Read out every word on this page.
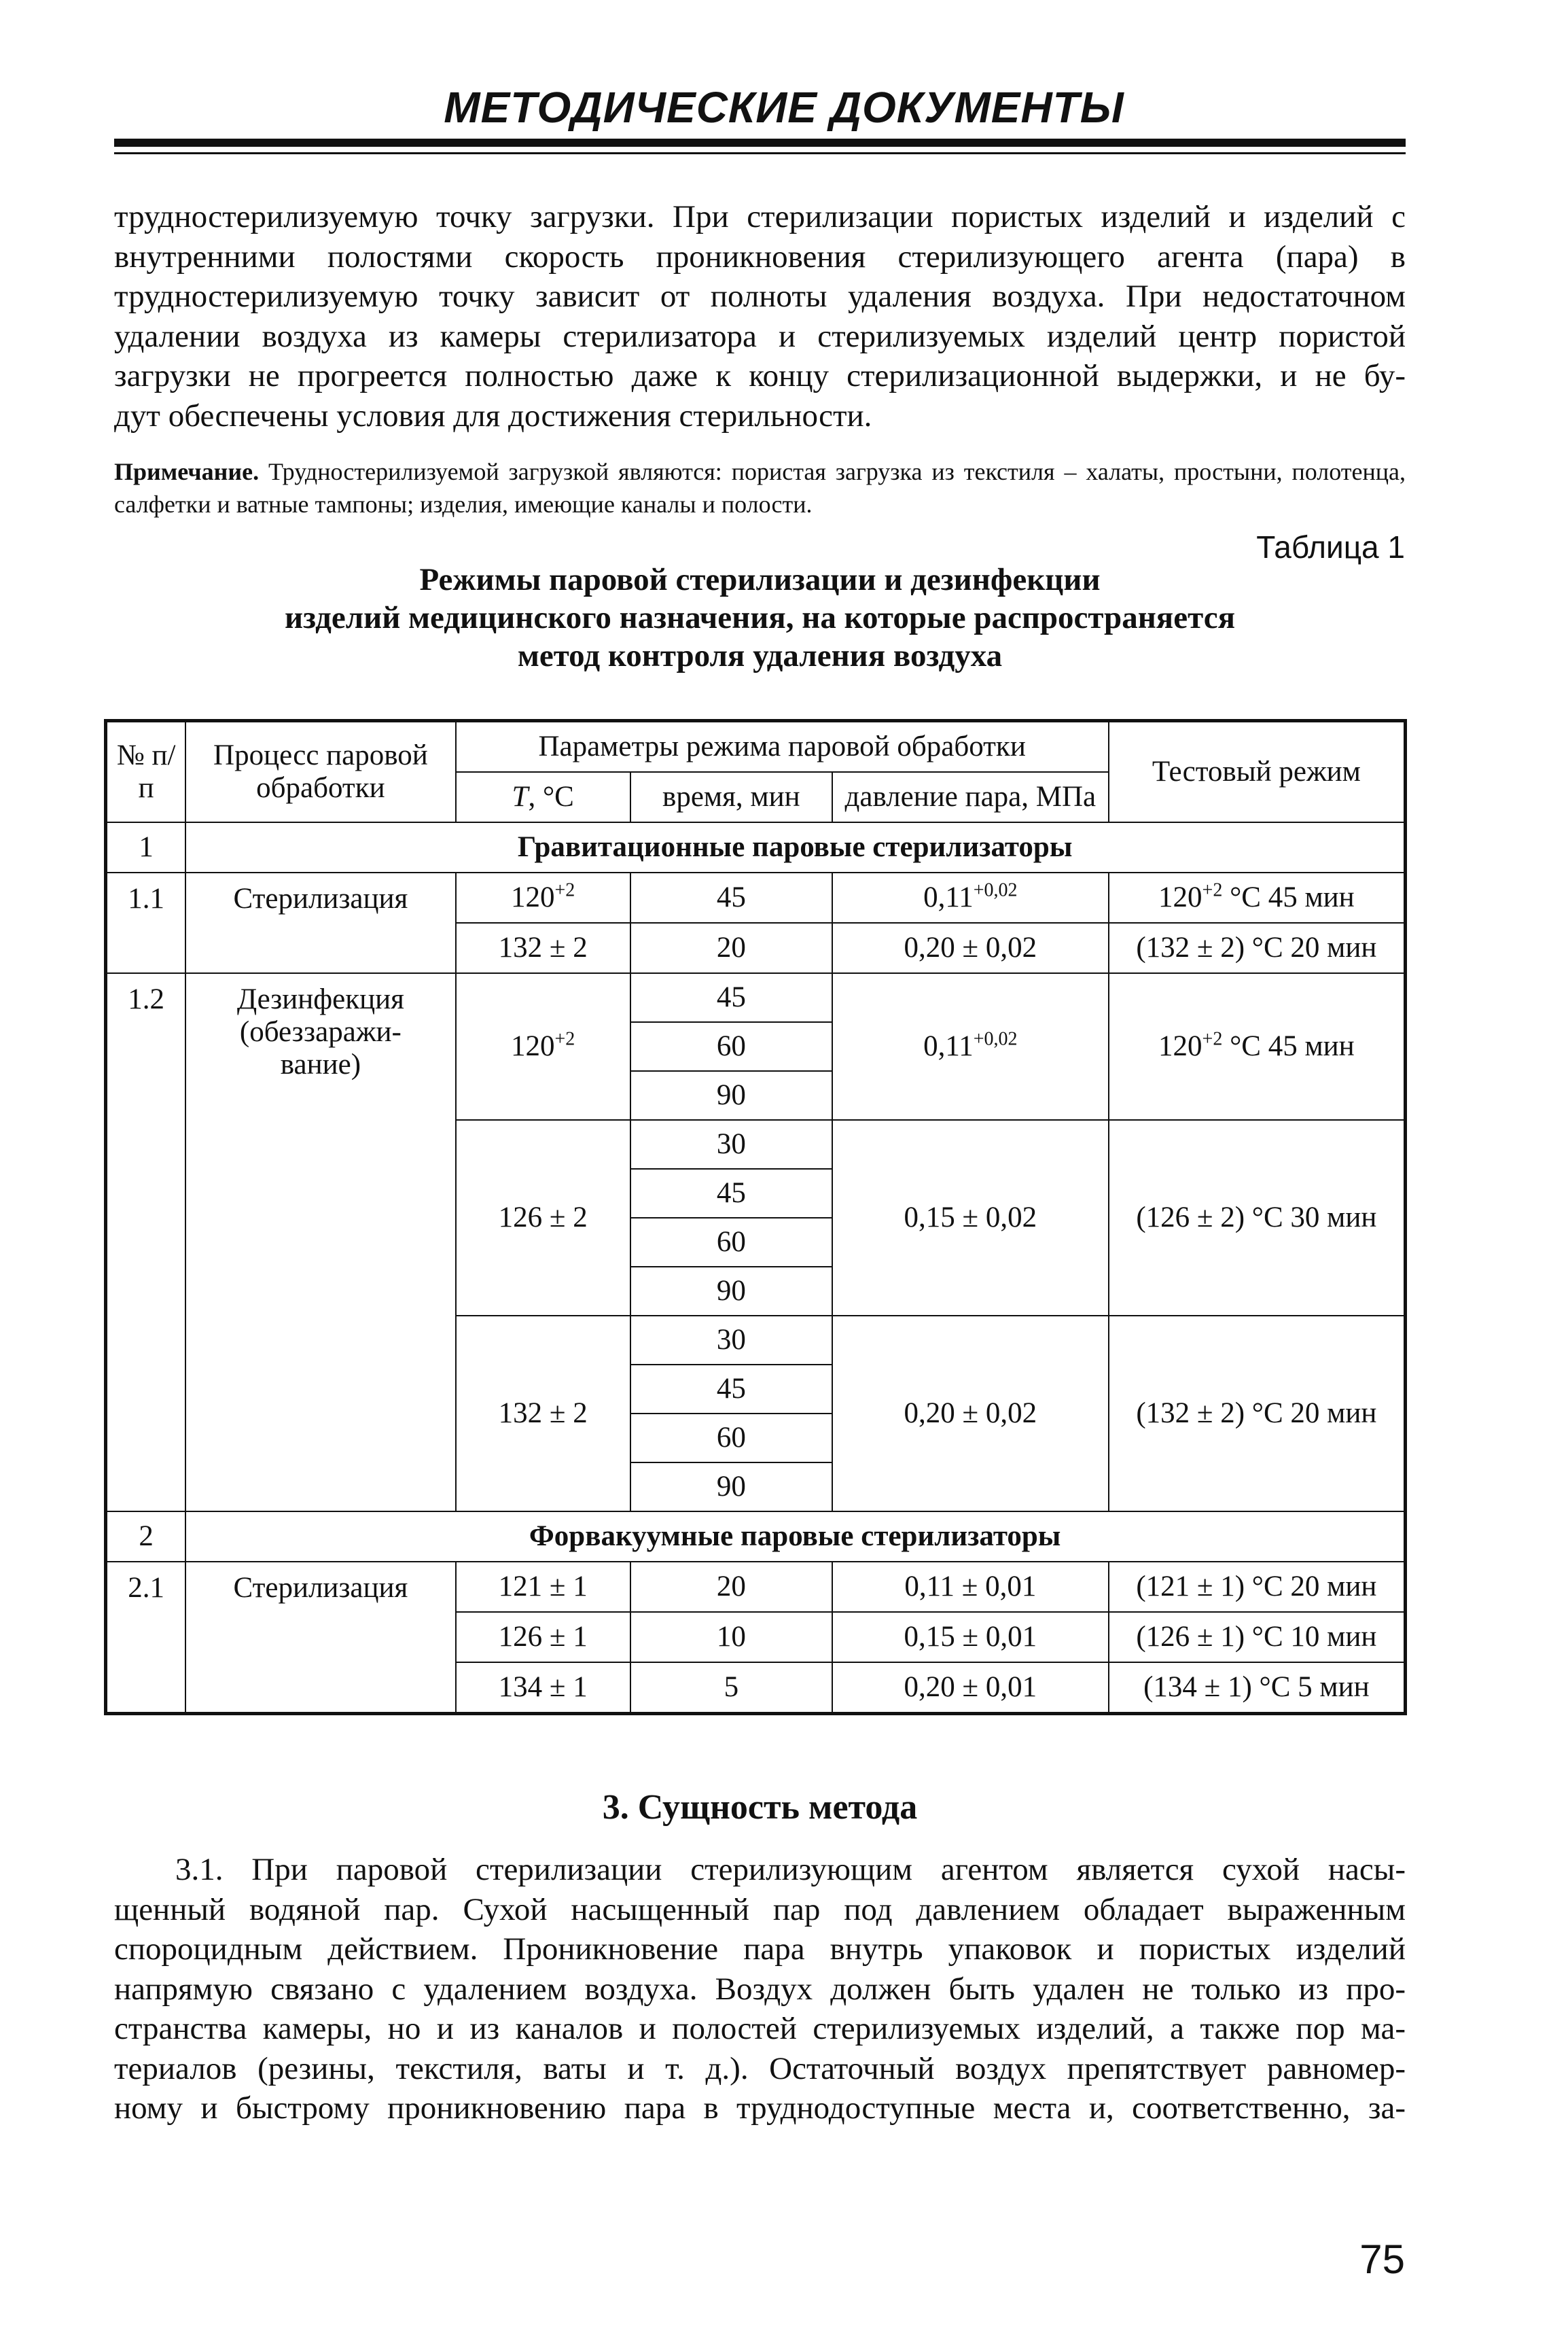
МЕТОДИЧЕСКИЕ ДОКУМЕНТЫ
трудностерилизуемую точку загрузки. При стерилизации пористых изделий и изделий с
внутренними полостями скорость проникновения стерилизующего агента (пара) в
трудностерилизуемую точку зависит от полноты удаления воздуха. При недостаточном
удалении воздуха из камеры стерилизатора и стерилизуемых изделий центр пористой
загрузки не прогреется полностью даже к концу стерилизационной выдержки, и не бу-
дут обеспечены условия для достижения стерильности.
Примечание. Трудностерилизуемой загрузкой являются: пористая загрузка из текстиля – халаты, простыни, полотенца, салфетки и ватные тампоны; изделия, имеющие каналы и полости.
Таблица 1
Режимы паровой стерилизации и дезинфекции
изделий медицинского назначения, на которые распространяется
метод контроля удаления воздуха
№ п/п	Процесс паровой обработки	Параметры режима паровой обработки			Тестовый режим
		Т, °С	время, мин	давление пара, МПа	
1	Гравитационные паровые стерилизаторы				
1.1	Стерилизация	$120^{+2}$	45	$0,11^{+0,02}$	$120^{+2}$ °С 45 мин
		132 ± 2	20	0,20 ± 0,02	(132 ± 2) °С 20 мин
1.2	Дезинфекция
(обеззаражи-
вание)	$120^{+2}$	45	$0,11^{+0,02}$	$120^{+2}$ °С 45 мин
			60		
			90		
		126 ± 2	30	0,15 ± 0,02	(126 ± 2) °С 30 мин
			45		
			60		
			90		
		132 ± 2	30	0,20 ± 0,02	(132 ± 2) °С 20 мин
			45		
			60		
			90		
2	Форвакуумные паровые стерилизаторы				
2.1	Стерилизация	121 ± 1	20	0,11 ± 0,01	(121 ± 1) °С 20 мин
		126 ± 1	10	0,15 ± 0,01	(126 ± 1) °С 10 мин
		134 ± 1	5	0,20 ± 0,01	(134 ± 1) °С 5 мин
3. Сущность метода
3.1. При паровой стерилизации стерилизующим агентом является сухой насы-
щенный водяной пар. Сухой насыщенный пар под давлением обладает выраженным
спороцидным действием. Проникновение пара внутрь упаковок и пористых изделий
напрямую связано с удалением воздуха. Воздух должен быть удален не только из про-
странства камеры, но и из каналов и полостей стерилизуемых изделий, а также пор ма-
териалов (резины, текстиля, ваты и т. д.). Остаточный воздух препятствует равномер-
ному и быстрому проникновению пара в труднодоступные места и, соответственно, за-
75
